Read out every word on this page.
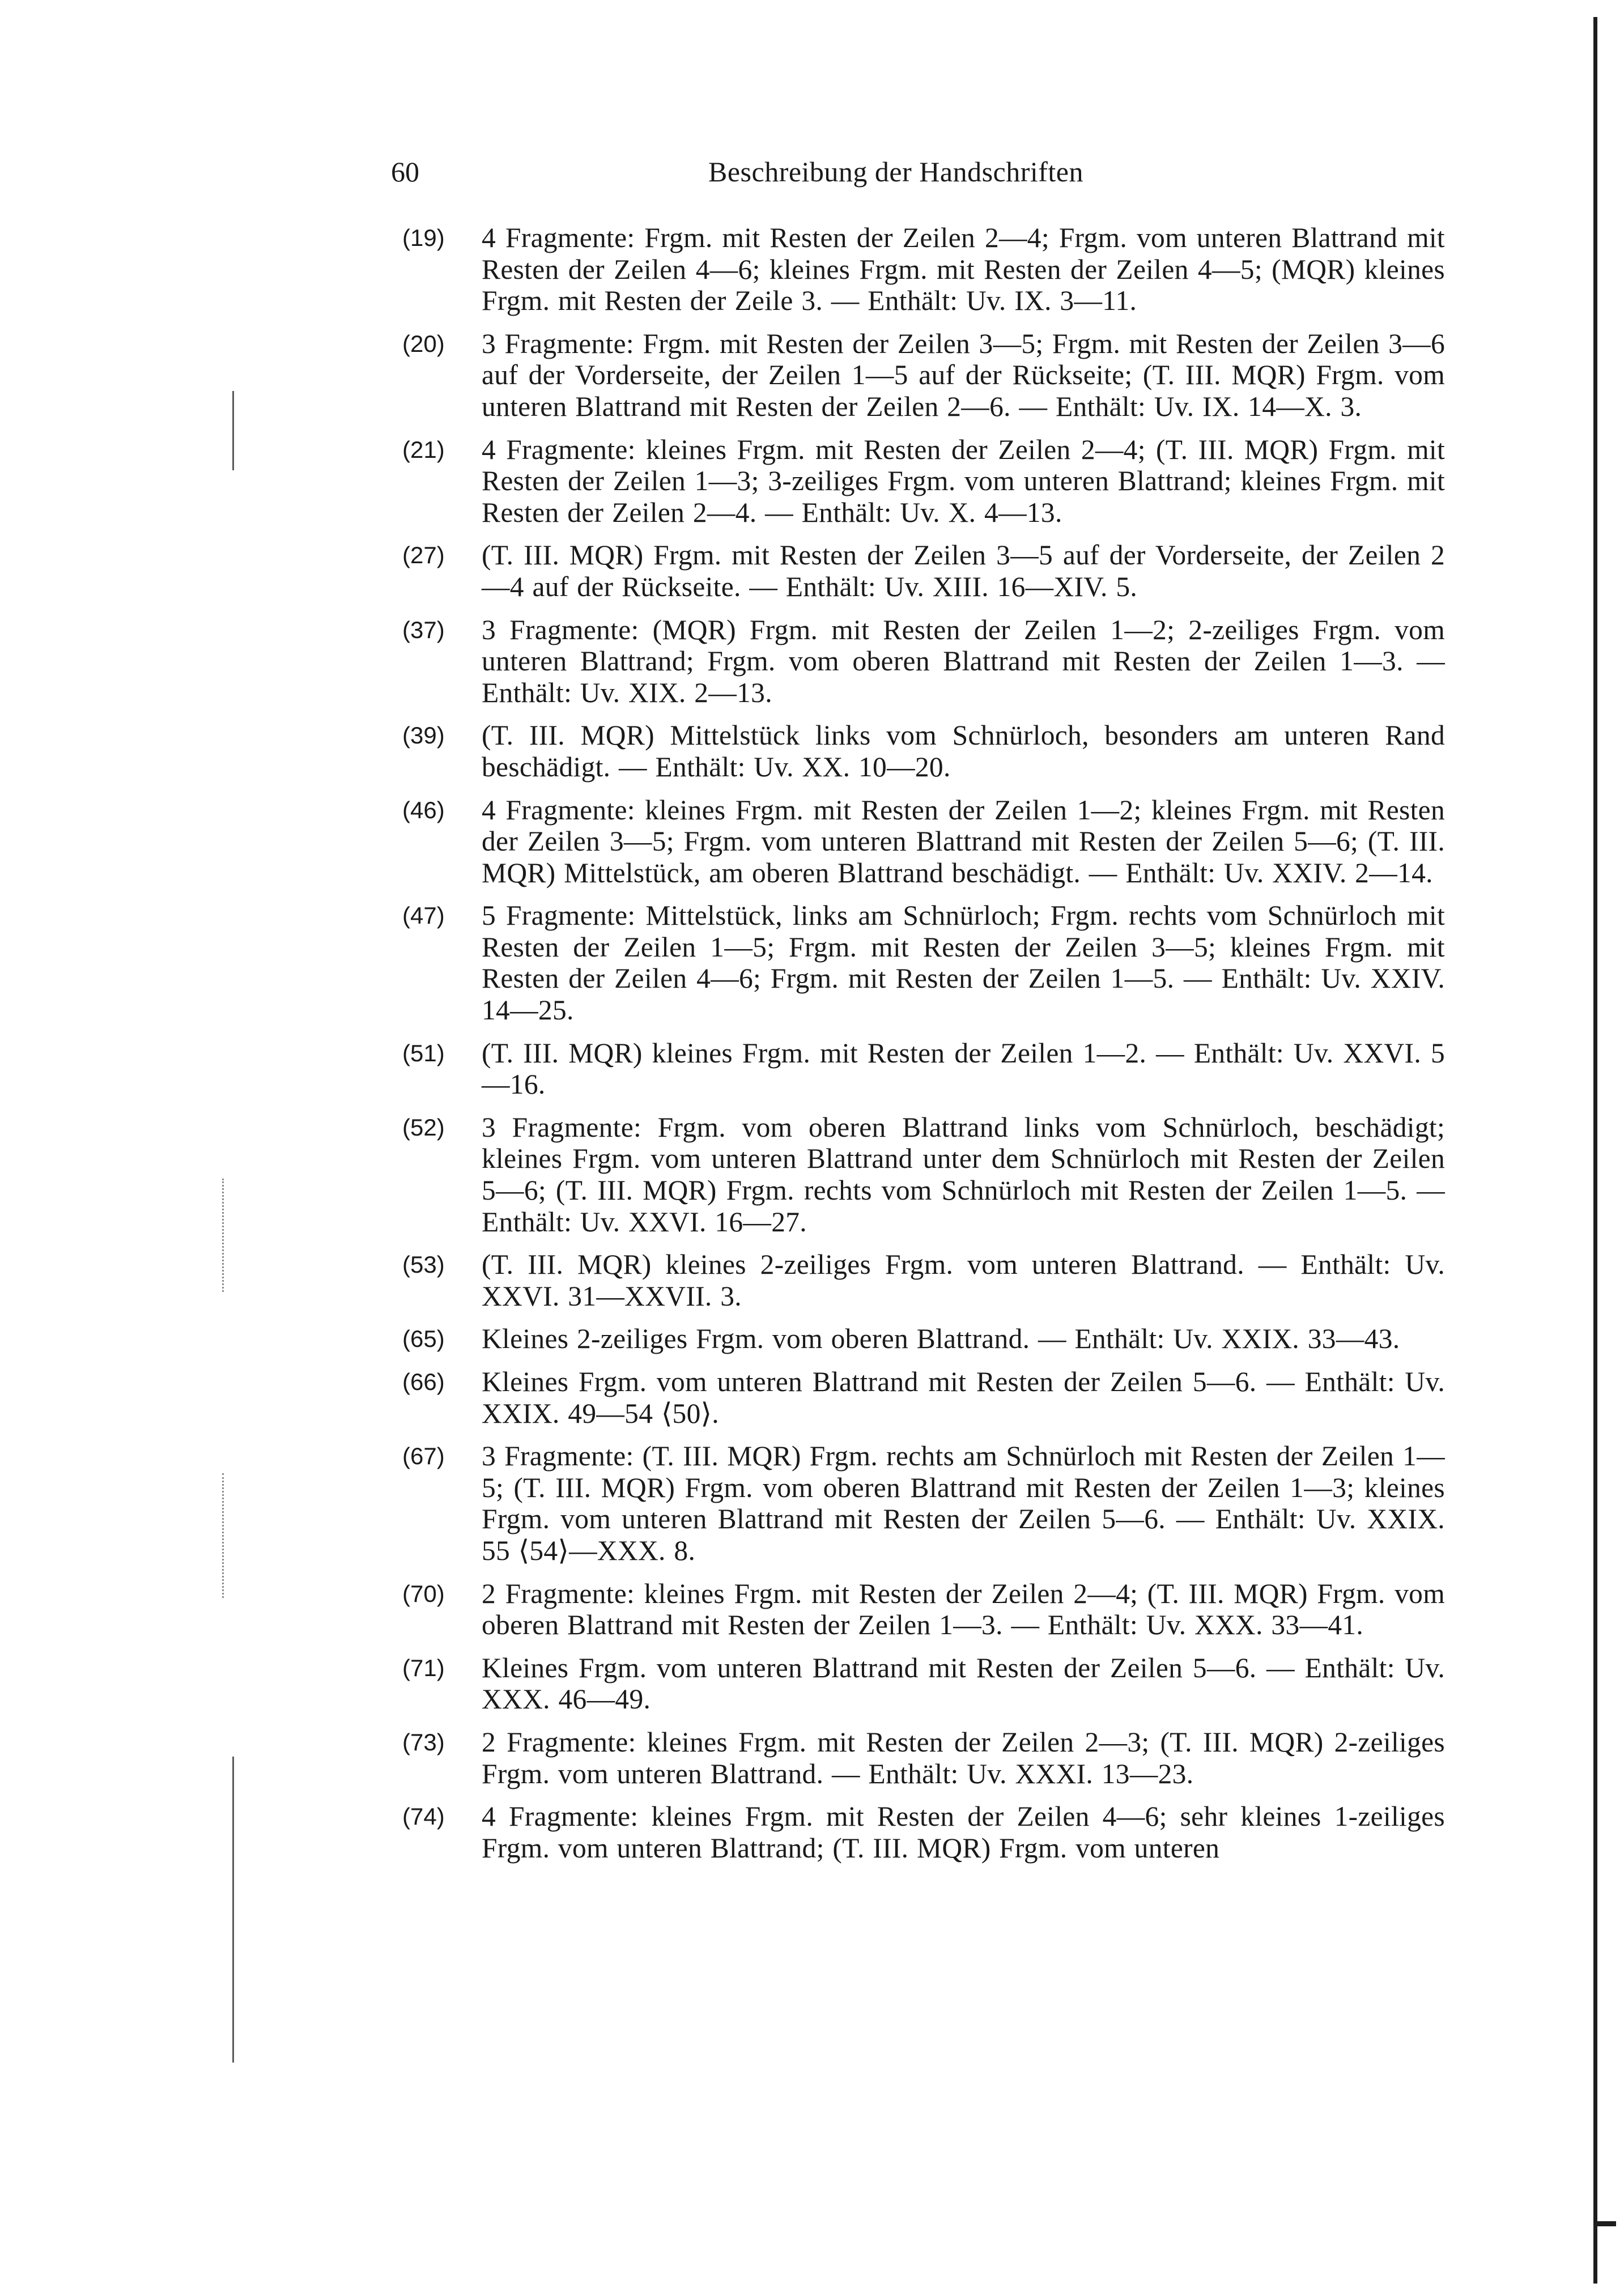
60	Beschreibung der Handschriften
(19) 4 Fragmente: Frgm. mit Resten der Zeilen 2—4; Frgm. vom unteren Blattrand mit Resten der Zeilen 4—6; kleines Frgm. mit Resten der Zeilen 4—5; (MQR) kleines Frgm. mit Resten der Zeile 3. — Enthält: Uv. IX. 3—11.
(20) 3 Fragmente: Frgm. mit Resten der Zeilen 3—5; Frgm. mit Resten der Zeilen 3—6 auf der Vorderseite, der Zeilen 1—5 auf der Rückseite; (T. III. MQR) Frgm. vom unteren Blattrand mit Resten der Zeilen 2—6. — Enthält: Uv. IX. 14—X. 3.
(21) 4 Fragmente: kleines Frgm. mit Resten der Zeilen 2—4; (T. III. MQR) Frgm. mit Resten der Zeilen 1—3; 3-zeiliges Frgm. vom unteren Blattrand; kleines Frgm. mit Resten der Zeilen 2—4. — Enthält: Uv. X. 4—13.
(27) (T. III. MQR) Frgm. mit Resten der Zeilen 3—5 auf der Vorderseite, der Zeilen 2—4 auf der Rückseite. — Enthält: Uv. XIII. 16—XIV. 5.
(37) 3 Fragmente: (MQR) Frgm. mit Resten der Zeilen 1—2; 2-zeiliges Frgm. vom unteren Blattrand; Frgm. vom oberen Blattrand mit Resten der Zeilen 1—3. — Enthält: Uv. XIX. 2—13.
(39) (T. III. MQR) Mittelstück links vom Schnürloch, besonders am unteren Rand beschädigt. — Enthält: Uv. XX. 10—20.
(46) 4 Fragmente: kleines Frgm. mit Resten der Zeilen 1—2; kleines Frgm. mit Resten der Zeilen 3—5; Frgm. vom unteren Blattrand mit Resten der Zeilen 5—6; (T. III. MQR) Mittelstück, am oberen Blattrand beschädigt. — Enthält: Uv. XXIV. 2—14.
(47) 5 Fragmente: Mittelstück, links am Schnürloch; Frgm. rechts vom Schnürloch mit Resten der Zeilen 1—5; Frgm. mit Resten der Zeilen 3—5; kleines Frgm. mit Resten der Zeilen 4—6; Frgm. mit Resten der Zeilen 1—5. — Enthält: Uv. XXIV. 14—25.
(51) (T. III. MQR) kleines Frgm. mit Resten der Zeilen 1—2. — Enthält: Uv. XXVI. 5—16.
(52) 3 Fragmente: Frgm. vom oberen Blattrand links vom Schnürloch, beschädigt; kleines Frgm. vom unteren Blattrand unter dem Schnürloch mit Resten der Zeilen 5—6; (T. III. MQR) Frgm. rechts vom Schnürloch mit Resten der Zeilen 1—5. — Enthält: Uv. XXVI. 16—27.
(53) (T. III. MQR) kleines 2-zeiliges Frgm. vom unteren Blattrand. — Enthält: Uv. XXVI. 31—XXVII. 3.
(65) Kleines 2-zeiliges Frgm. vom oberen Blattrand. — Enthält: Uv. XXIX. 33—43.
(66) Kleines Frgm. vom unteren Blattrand mit Resten der Zeilen 5—6. — Enthält: Uv. XXIX. 49—54 ⟨50⟩.
(67) 3 Fragmente: (T. III. MQR) Frgm. rechts am Schnürloch mit Resten der Zeilen 1—5; (T. III. MQR) Frgm. vom oberen Blattrand mit Resten der Zeilen 1—3; kleines Frgm. vom unteren Blattrand mit Resten der Zeilen 5—6. — Enthält: Uv. XXIX. 55 ⟨54⟩—XXX. 8.
(70) 2 Fragmente: kleines Frgm. mit Resten der Zeilen 2—4; (T. III. MQR) Frgm. vom oberen Blattrand mit Resten der Zeilen 1—3. — Enthält: Uv. XXX. 33—41.
(71) Kleines Frgm. vom unteren Blattrand mit Resten der Zeilen 5—6. — Enthält: Uv. XXX. 46—49.
(73) 2 Fragmente: kleines Frgm. mit Resten der Zeilen 2—3; (T. III. MQR) 2-zeiliges Frgm. vom unteren Blattrand. — Enthält: Uv. XXXI. 13—23.
(74) 4 Fragmente: kleines Frgm. mit Resten der Zeilen 4—6; sehr kleines 1-zeiliges Frgm. vom unteren Blattrand; (T. III. MQR) Frgm. vom unteren
